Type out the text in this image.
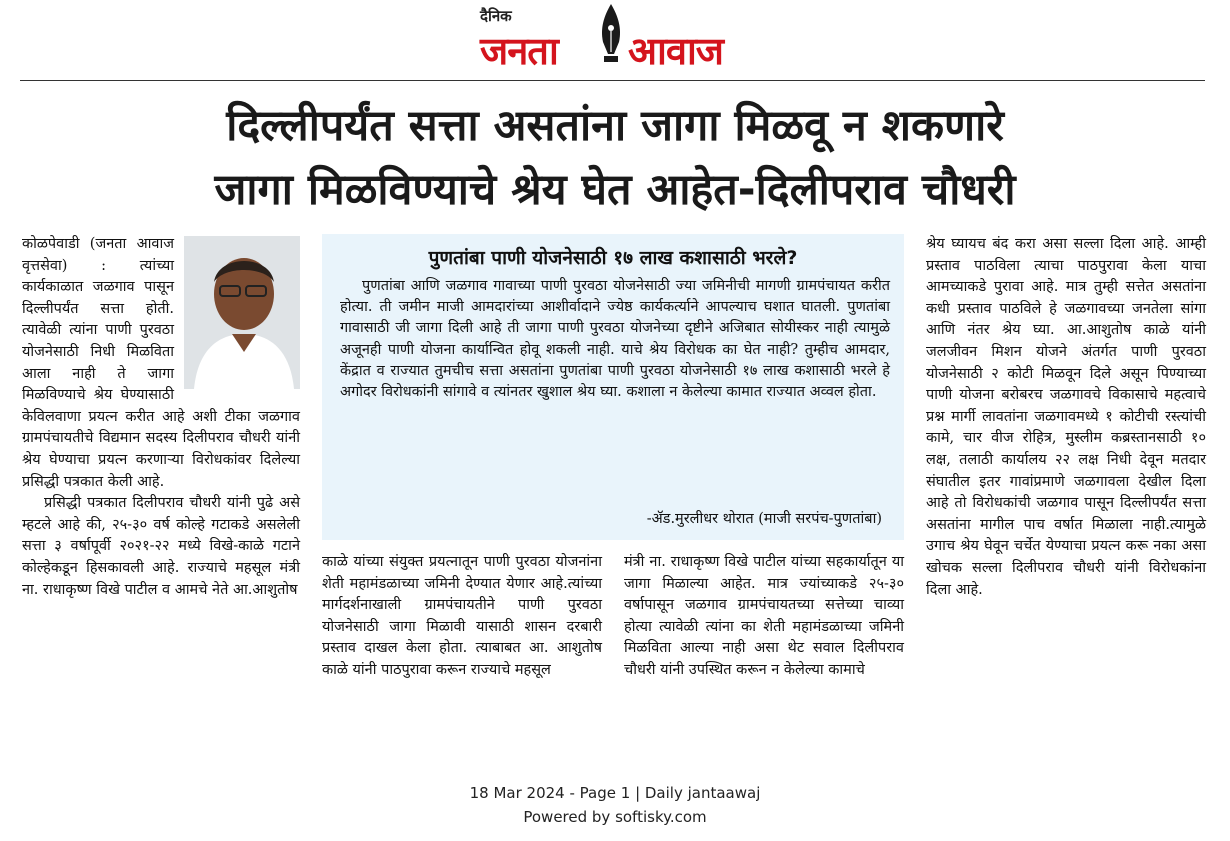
दैनिक
जनता आवाज
दिल्लीपर्यंत सत्ता असतांना जागा मिळवू न शकणारे
जागा मिळविण्याचे श्रेय घेत आहेत-दिलीपराव चौधरी

कोळपेवाडी (जनता आवाज वृत्तसेवा) : त्यांच्या कार्यकाळात जळगाव पासून दिल्लीपर्यंत सत्ता होती. त्यावेळी त्यांना पाणी पुरवठा योजनेसाठी निधी मिळविता आला नाही ते जागा मिळविण्याचे श्रेय घेण्यासाठी केविलवाणा प्रयत्न करीत आहे अशी टीका जळगाव ग्रामपंचायतीचे विद्यमान सदस्य दिलीपराव चौधरी यांनी श्रेय घेण्याचा प्रयत्न करणाऱ्या विरोधकांवर दिलेल्या प्रसिद्धी पत्रकात केली आहे.

प्रसिद्धी पत्रकात दिलीपराव चौधरी यांनी पुढे असे म्हटले आहे की, २५-३० वर्ष कोल्हे गटाकडे असलेली सत्ता ३ वर्षापूर्वी २०२१-२२ मध्ये विखे-काळे गटाने कोल्हेकडून हिसकावली आहे. राज्याचे महसूल मंत्री ना. राधाकृष्ण विखे पाटील व आमचे नेते आ.आशुतोष

पुणतांबा पाणी योजनेसाठी १७ लाख कशासाठी भरले?
पुणतांबा आणि जळगाव गावाच्या पाणी पुरवठा योजनेसाठी ज्या जमिनीची मागणी ग्रामपंचायत करीत होत्या. ती जमीन माजी आमदारांच्या आशीर्वादाने ज्येष्ठ कार्यकर्त्याने आपल्याच घशात घातली. पुणतांबा गावासाठी जी जागा दिली आहे ती जागा पाणी पुरवठा योजनेच्या दृष्टीने अजिबात सोयीस्कर नाही त्यामुळे अजूनही पाणी योजना कार्यान्वित होवू शकली नाही. याचे श्रेय विरोधक का घेत नाही? तुम्हीच आमदार, केंद्रात व राज्यात तुमचीच सत्ता असतांना पुणतांबा पाणी पुरवठा योजनेसाठी १७ लाख कशासाठी भरले हे अगोदर विरोधकांनी सांगावे व त्यांनतर खुशाल श्रेय घ्या. कशाला न केलेल्या कामात राज्यात अव्वल होता.
-ॲड.मुरलीधर थोरात (माजी सरपंच-पुणतांबा)

काळे यांच्या संयुक्त प्रयत्नातून पाणी पुरवठा योजनांना शेती महामंडळाच्या जमिनी देण्यात येणार आहे.त्यांच्या मार्गदर्शनाखाली ग्रामपंचायतीने पाणी पुरवठा योजनेसाठी जागा मिळावी यासाठी शासन दरबारी प्रस्ताव दाखल केला होता. त्याबाबत आ. आशुतोष काळे यांनी पाठपुरावा करून राज्याचे महसूल

मंत्री ना. राधाकृष्ण विखे पाटील यांच्या सहकार्यातून या जागा मिळाल्या आहेत. मात्र ज्यांच्याकडे २५-३० वर्षापासून जळगाव ग्रामपंचायतच्या सत्तेच्या चाव्या होत्या त्यावेळी त्यांना का शेती महामंडळाच्या जमिनी मिळविता आल्या नाही असा थेट सवाल दिलीपराव चौधरी यांनी उपस्थित करून न केलेल्या कामाचे

श्रेय घ्यायच बंद करा असा सल्ला दिला आहे. आम्ही प्रस्ताव पाठविला त्याचा पाठपुरावा केला याचा आमच्याकडे पुरावा आहे. मात्र तुम्ही सत्तेत असतांना कधी प्रस्ताव पाठविले हे जळगावच्या जनतेला सांगा आणि नंतर श्रेय घ्या. आ.आशुतोष काळे यांनी जलजीवन मिशन योजने अंतर्गत पाणी पुरवठा योजनेसाठी २ कोटी मिळवून दिले असून पिण्याच्या पाणी योजना बरोबरच जळगावचे विकासाचे महत्वाचे प्रश्न मार्गी लावतांना जळगावमध्ये १ कोटीची रस्त्यांची कामे, चार वीज रोहित्र, मुस्लीम कब्रस्तानसाठी १० लक्ष, तलाठी कार्यालय २२ लक्ष निधी देवून मतदार संघातील इतर गावांप्रमाणे जळगावला देखील दिला आहे तो विरोधकांची जळगाव पासून दिल्लीपर्यंत सत्ता असतांना मागील पाच वर्षात मिळाला नाही.त्यामुळे उगाच श्रेय घेवून चर्चेत येण्याचा प्रयत्न करू नका असा खोचक सल्ला दिलीपराव चौधरी यांनी विरोधकांना दिला आहे.

18 Mar 2024 - Page 1 | Daily jantaawaj
Powered by softisky.com
